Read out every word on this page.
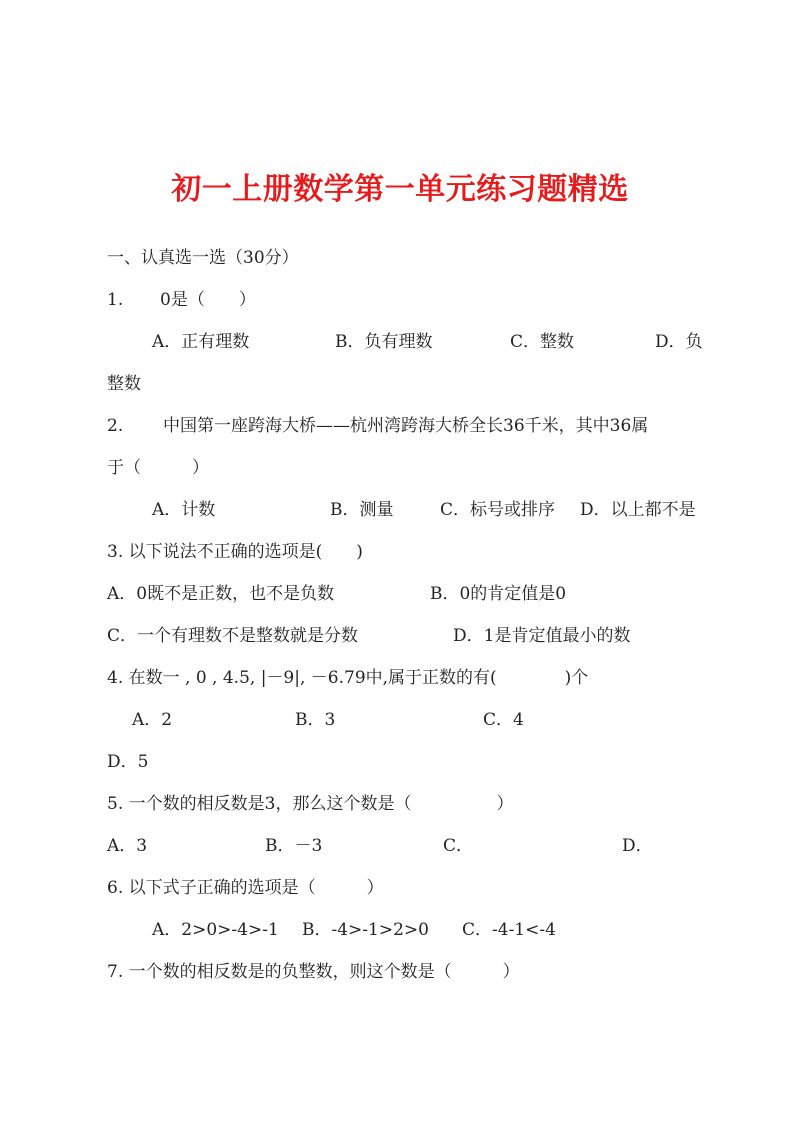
初一上册数学第一单元练习题精选
一、认真选一选（30分）
1. 0是（　　）
A．正有理数	B．负有理数	C．整数	D．负
整数
2. 中国第一座跨海大桥——杭州湾跨海大桥全长36千米，其中36属
于（　　　）
A．计数	B．测量	C．标号或排序 D．以上都不是
3. 以下说法不正确的选项是(　　)
A．0既不是正数，也不是负数	B．0的肯定值是0
C．一个有理数不是整数就是分数	D．1是肯定值最小的数
4. 在数一 , 0 , 4.5, |－9|, －6.79中,属于正数的有(　　　　)个
A．2	B．3	C．4
D．5
5. 一个数的相反数是3，那么这个数是（　　　　　）
A．3	B．－3	C．	D．
6. 以下式子正确的选项是（　　　）
A．2>0>-4>-1 B．-4>-1>2>0 C．-4-1<-4
7. 一个数的相反数是的负整数，则这个数是（　　　）
